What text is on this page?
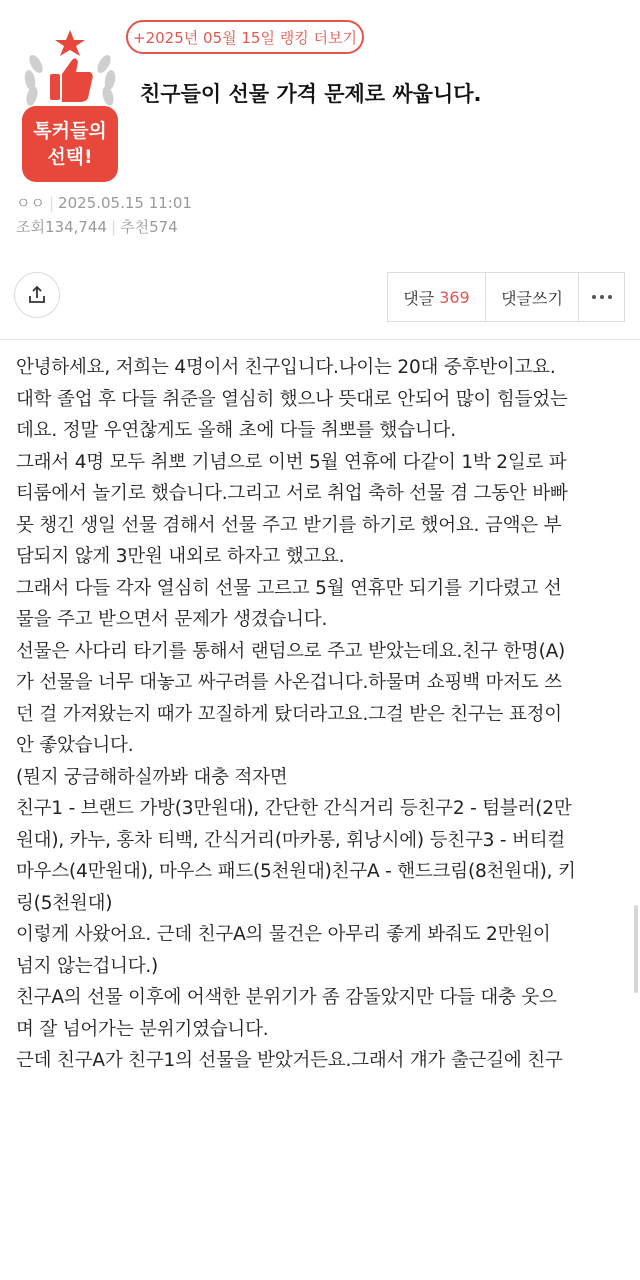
+2025년 05월 15일 랭킹 더보기
톡커들의
선택!
친구들이 선물 가격 문제로 싸웁니다.
ㅇㅇ | 2025.05.15 11:01
조회134,744 | 추천574
댓글 369	댓글쓰기

안녕하세요, 저희는 4명이서 친구입니다.나이는 20대 중후반이고요.

대학 졸업 후 다들 취준을 열심히 했으나 뜻대로 안되어 많이 힘들었는

데요. 정말 우연찮게도 올해 초에 다들 취뽀를 했습니다.

그래서 4명 모두 취뽀 기념으로 이번 5월 연휴에 다같이 1박 2일로 파

티룸에서 놀기로 했습니다.그리고 서로 취업 축하 선물 겸 그동안 바빠

못 챙긴 생일 선물 겸해서 선물 주고 받기를 하기로 했어요. 금액은 부

담되지 않게 3만원 내외로 하자고 했고요.

그래서 다들 각자 열심히 선물 고르고 5월 연휴만 되기를 기다렸고 선

물을 주고 받으면서 문제가 생겼습니다.

선물은 사다리 타기를 통해서 랜덤으로 주고 받았는데요.친구 한명(A)

가 선물을 너무 대놓고 싸구려를 사온겁니다.하물며 쇼핑백 마저도 쓰

던 걸 가져왔는지 때가 꼬질하게 탔더라고요.그걸 받은 친구는 표정이

안 좋았습니다.

(뭔지 궁금해하실까봐 대충 적자면

친구1 - 브랜드 가방(3만원대), 간단한 간식거리 등친구2 - 텀블러(2만

원대), 카누, 홍차 티백, 간식거리(마카롱, 휘낭시에) 등친구3 - 버티컬

마우스(4만원대), 마우스 패드(5천원대)친구A - 핸드크림(8천원대), 키

링(5천원대)

이렇게 사왔어요. 근데 친구A의 물건은 아무리 좋게 봐줘도 2만원이

넘지 않는겁니다.)

친구A의 선물 이후에 어색한 분위기가 좀 감돌았지만 다들 대충 웃으

며 잘 넘어가는 분위기였습니다.

근데 친구A가 친구1의 선물을 받았거든요.그래서 걔가 출근길에 친구
